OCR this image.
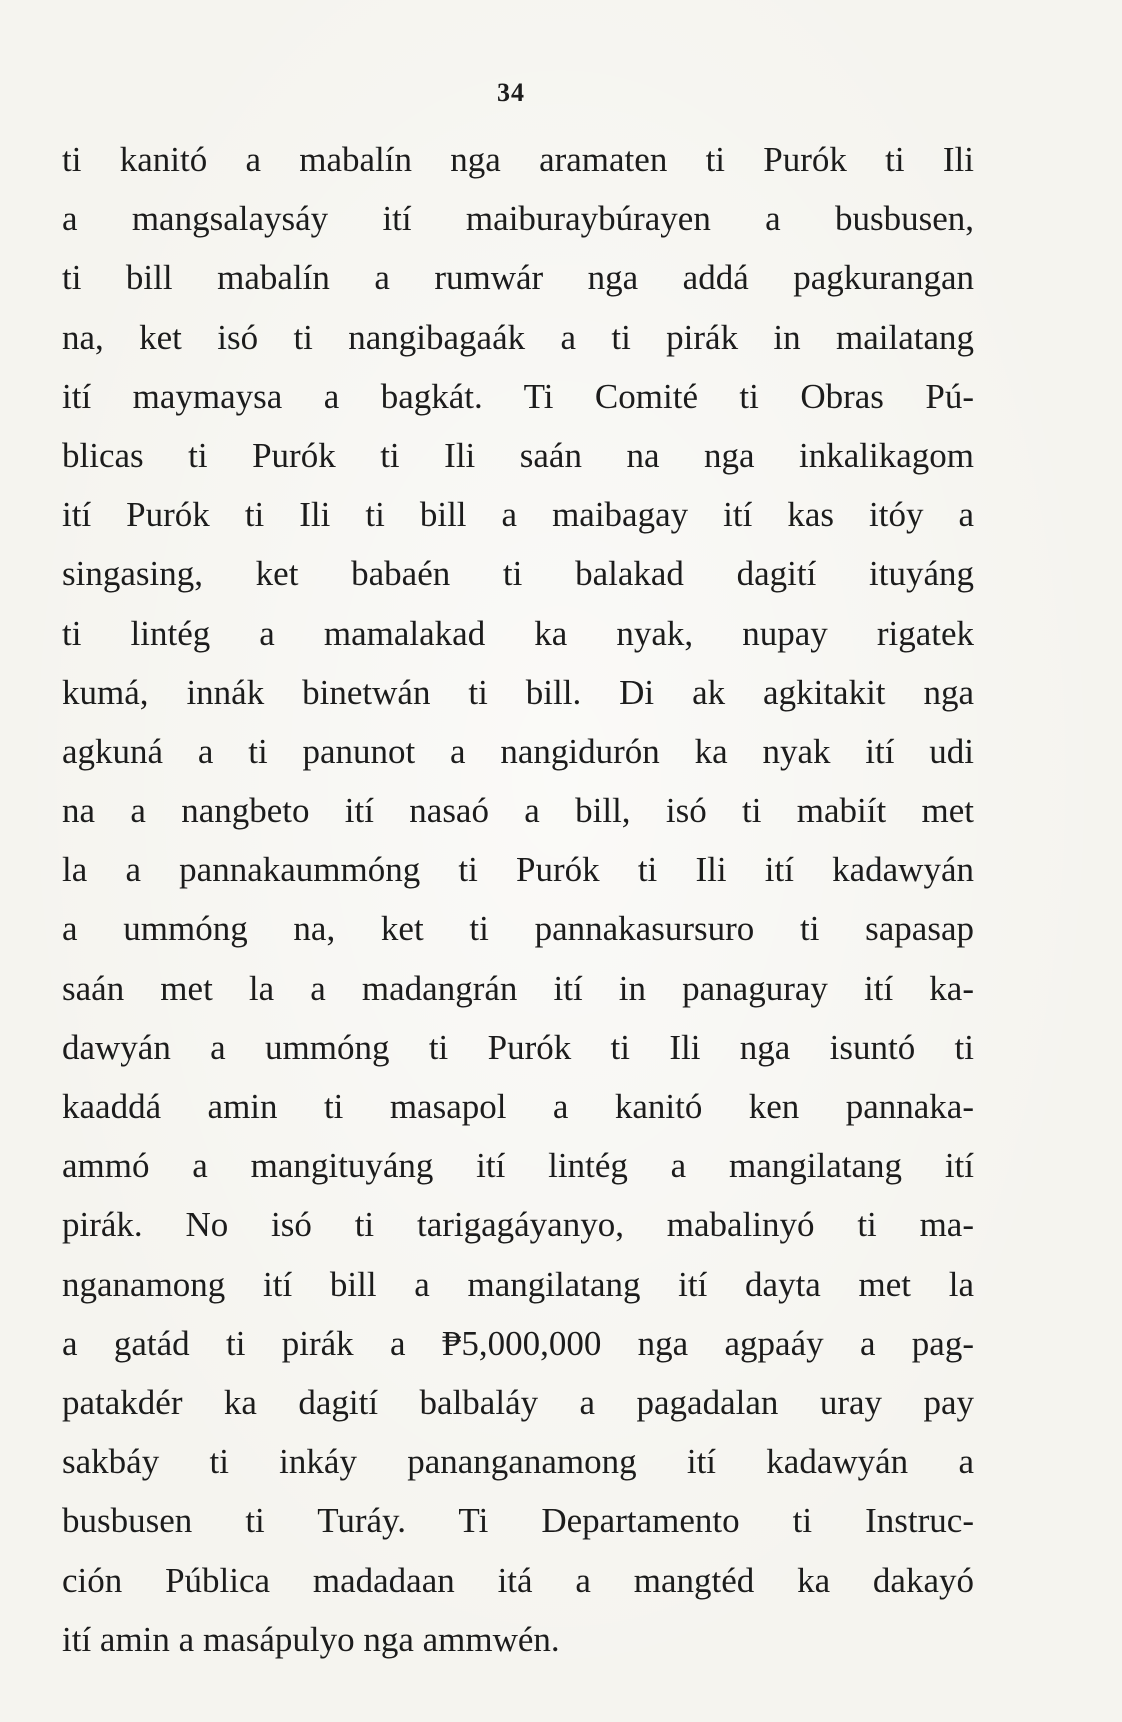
34
ti kanitó a mabalín nga aramaten ti Purók ti Ili
a mangsalaysáy ití maiburaybúrayen a busbusen,
ti bill mabalín a rumwár nga addá pagkurangan
na, ket isó ti nangibagaák a ti pirák in mailatang
ití maymaysa a bagkát. Ti Comité ti Obras Pú-
blicas ti Purók ti Ili saán na nga inkalikagom
ití Purók ti Ili ti bill a maibagay ití kas itóy a
singasing, ket babaén ti balakad dagití ituyáng
ti lintég a mamalakad ka nyak, nupay rigatek
kumá, innák binetwán ti bill. Di ak agkitakit nga
agkuná a ti panunot a nangidurón ka nyak ití udi
na a nangbeto ití nasaó a bill, isó ti mabiít met
la a pannakaummóng ti Purók ti Ili ití kadawyán
a ummóng na, ket ti pannakasursuro ti sapasap
saán met la a madangrán ití in panaguray ití ka-
dawyán a ummóng ti Purók ti Ili nga isuntó ti
kaaddá amin ti masapol a kanitó ken pannaka-
ammó a mangituyáng ití lintég a mangilatang ití
pirák. No isó ti tarigagáyanyo, mabalinyó ti ma-
nganamong ití bill a mangilatang ití dayta met la
a gatád ti pirák a ₱5,000,000 nga agpaáy a pag-
patakdér ka dagití balbaláy a pagadalan uray pay
sakbáy ti inkáy pananganamong ití kadawyán a
busbusen ti Turáy. Ti Departamento ti Instruc-
ción Pública madadaan itá a mangtéd ka dakayó
ití amin a masápulyo nga ammwén.
